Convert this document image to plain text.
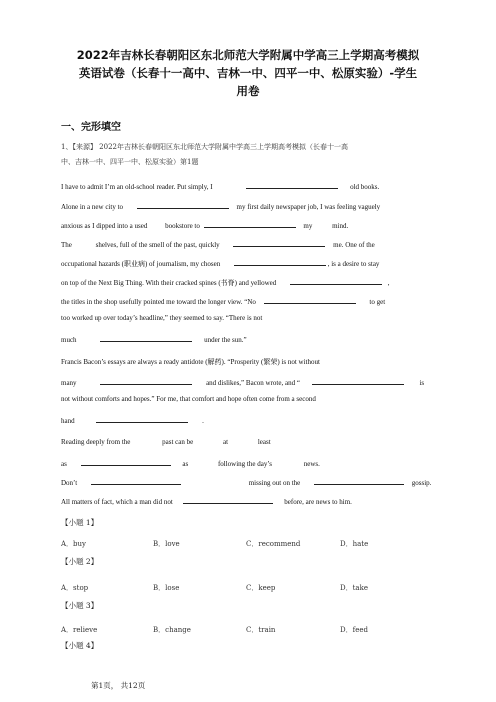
2022年吉林长春朝阳区东北师范大学附属中学高三上学期高考模拟
英语试卷（长春十一高中、吉林一中、四平一中、松原实验）-学生
用卷
一、完形填空
1、【来源】 2022年吉林长春朝阳区东北师范大学附属中学高三上学期高考模拟（长春十一高
中、吉林一中、四平一中、松原实验）第1题
I have to admit I’m an old-school reader. Put simply, I	old books.
Alone in a new city to	my first daily newspaper job, I was feeling vaguely
anxious as I dipped into a used	bookstore to	my	mind.
The	shelves, full of the smell of the past, quickly	me. One of the
occupational hazards (职业病) of journalism, my chosen	, is a desire to stay
on top of the Next Big Thing. With their cracked spines (书脊) and yellowed	,
the titles in the shop usefully pointed me toward the longer view. “No	to get
too worked up over today’s headline,” they seemed to say. “There is not
much	under the sun.”
Francis Bacon’s essays are always a ready antidote (解药). “Prosperity (繁荣) is not without
many	and dislikes,” Bacon wrote, and “	is
not without comforts and hopes.” For me, that comfort and hope often come from a second
hand	.
Reading deeply from the	past can be	at	least
as	as	following the day’s	news.
Don’t	missing out on the	gossip.
All matters of fact, which a man did not	before, are news to him.
【小题 1】
A．buy	B．love	C．recommend	D．hate
【小题 2】
A．stop	B．lose	C．keep	D．take
【小题 3】
A．relieve	B．change	C．train	D．feed
【小题 4】
第1页， 共12页
